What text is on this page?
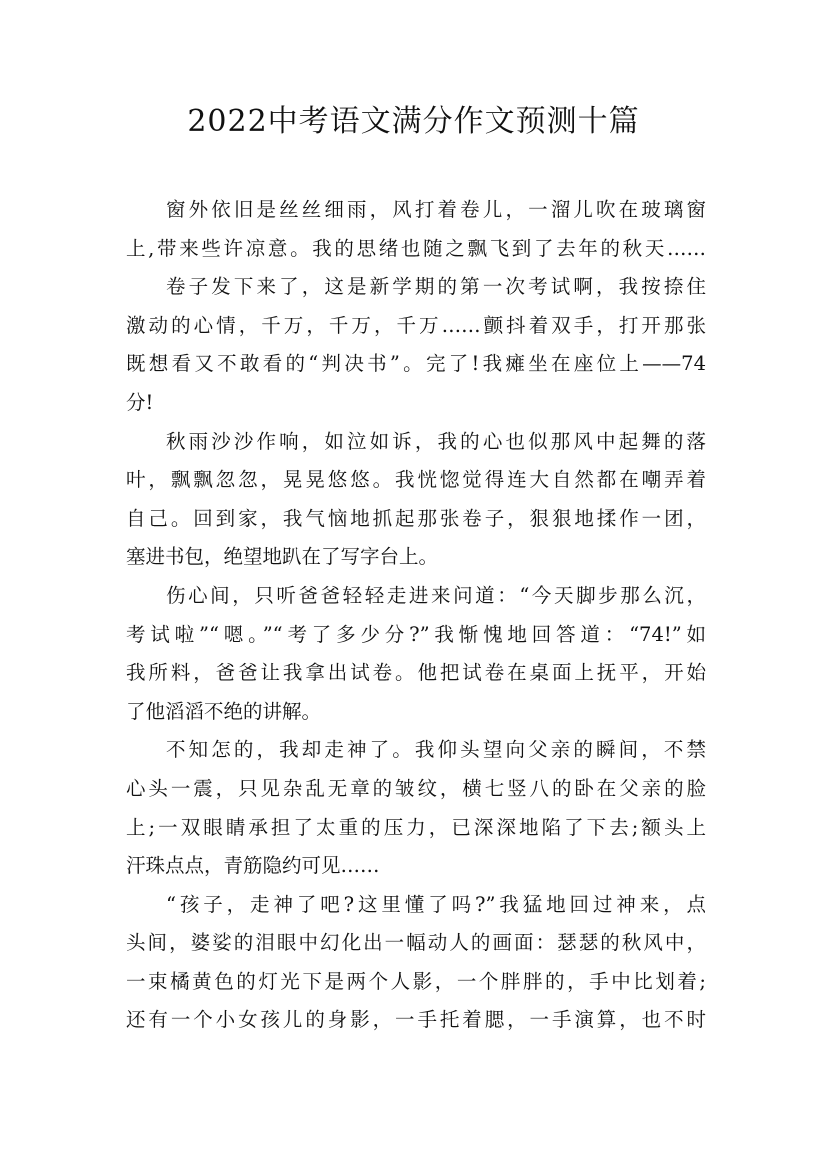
2022中考语文满分作文预测十篇
窗外依旧是丝丝细雨，风打着卷儿，一溜儿吹在玻璃窗
上,带来些许凉意。我的思绪也随之飘飞到了去年的秋天……
卷子发下来了，这是新学期的第一次考试啊，我按捺住
激动的心情，千万，千万，千万……颤抖着双手，打开那张
既想看又不敢看的“判决书”。完了!我瘫坐在座位上——74
分!
秋雨沙沙作响，如泣如诉，我的心也似那风中起舞的落
叶，飘飘忽忽，晃晃悠悠。我恍惚觉得连大自然都在嘲弄着
自己。回到家，我气恼地抓起那张卷子，狠狠地揉作一团，
塞进书包，绝望地趴在了写字台上。
伤心间，只听爸爸轻轻走进来问道：“今天脚步那么沉，
考试啦”“嗯。”“考了多少分?”我惭愧地回答道：“74!”如
我所料，爸爸让我拿出试卷。他把试卷在桌面上抚平，开始
了他滔滔不绝的讲解。
不知怎的，我却走神了。我仰头望向父亲的瞬间，不禁
心头一震，只见杂乱无章的皱纹，横七竖八的卧在父亲的脸
上;一双眼睛承担了太重的压力，已深深地陷了下去;额头上
汗珠点点，青筋隐约可见……
“孩子，走神了吧?这里懂了吗?”我猛地回过神来，点
头间，婆娑的泪眼中幻化出一幅动人的画面：瑟瑟的秋风中，
一束橘黄色的灯光下是两个人影，一个胖胖的，手中比划着;
还有一个小女孩儿的身影，一手托着腮，一手演算，也不时
